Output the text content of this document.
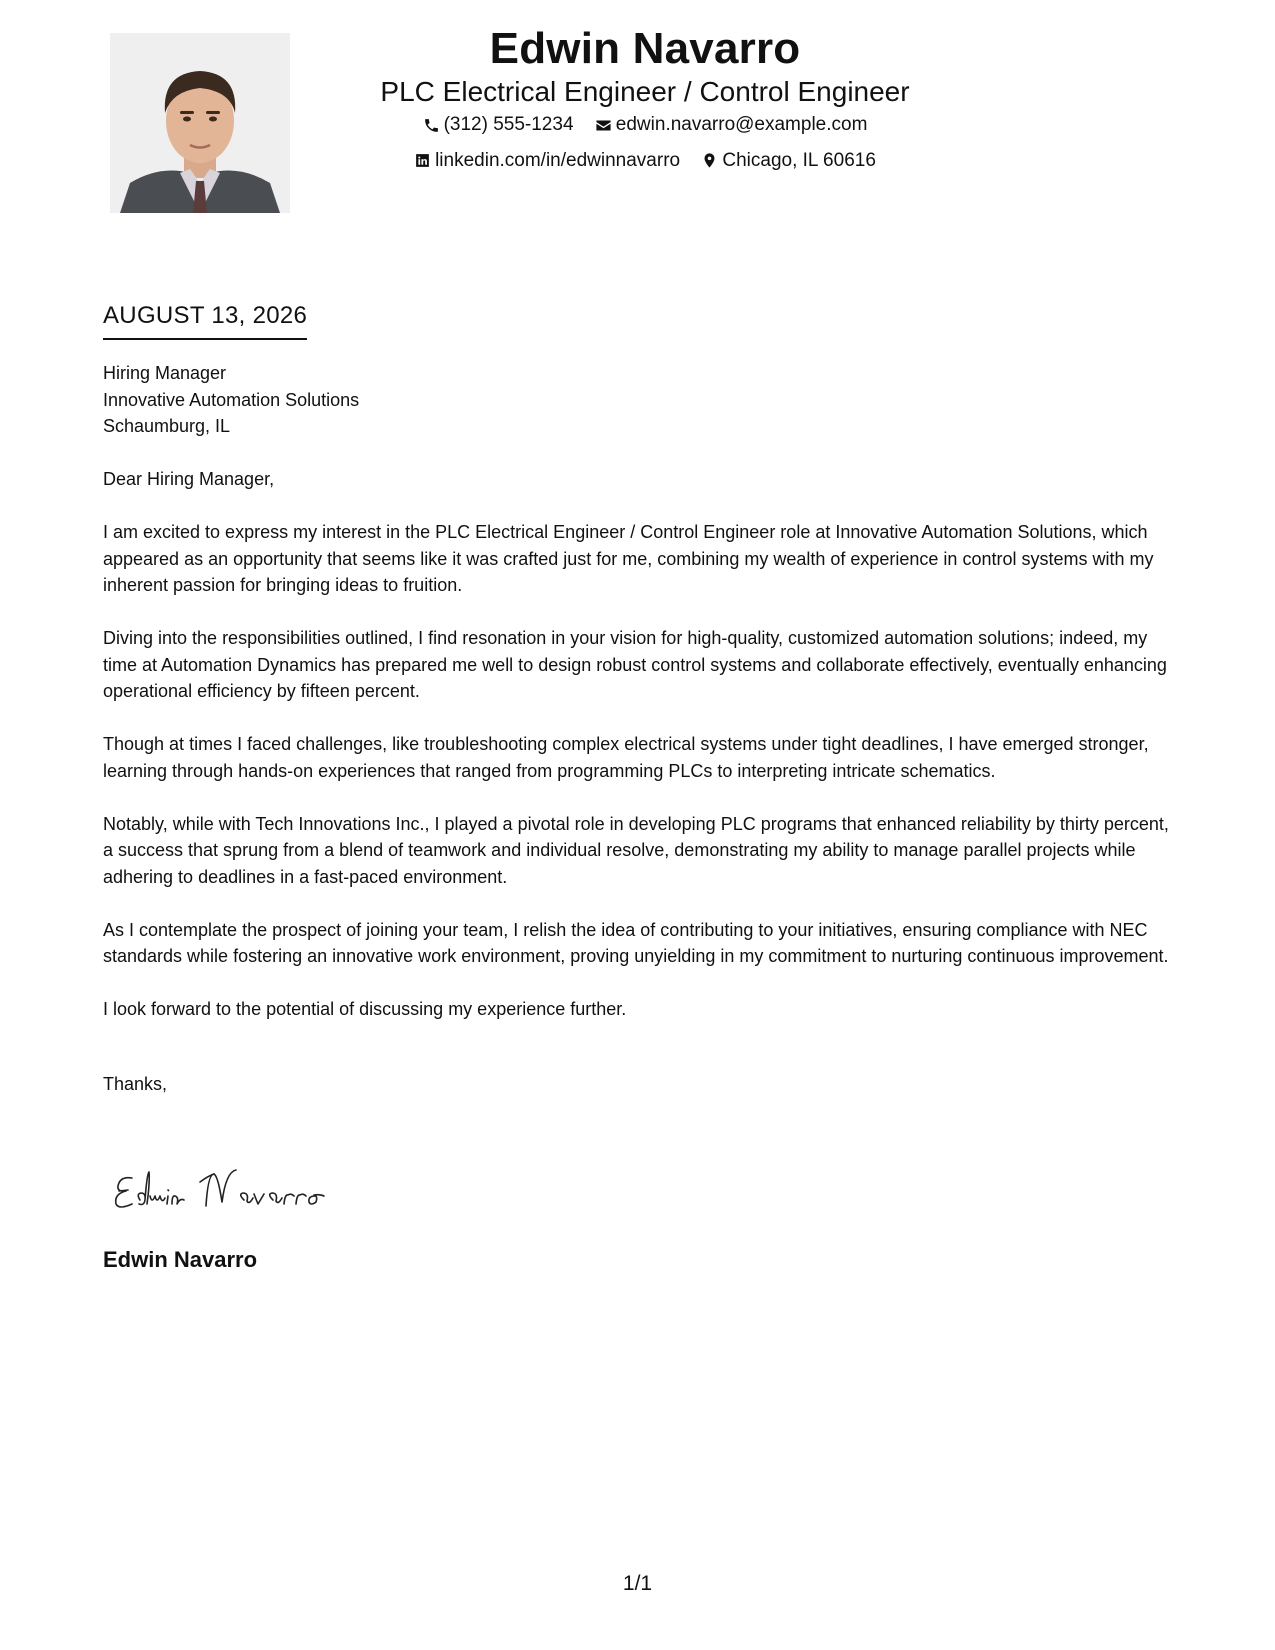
Edwin Navarro
PLC Electrical Engineer / Control Engineer
(312) 555-1234
edwin.navarro@example.com
linkedin.com/in/edwinnavarro
Chicago, IL 60616
AUGUST 13, 2026
Hiring Manager
Innovative Automation Solutions
Schaumburg, IL

Dear Hiring Manager,

I am excited to express my interest in the PLC Electrical Engineer / Control Engineer role at Innovative Automation Solutions, which appeared as an opportunity that seems like it was crafted just for me, combining my wealth of experience in control systems with my inherent passion for bringing ideas to fruition.

Diving into the responsibilities outlined, I find resonation in your vision for high-quality, customized automation solutions; indeed, my time at Automation Dynamics has prepared me well to design robust control systems and collaborate effectively, eventually enhancing operational efficiency by fifteen percent.

Though at times I faced challenges, like troubleshooting complex electrical systems under tight deadlines, I have emerged stronger, learning through hands-on experiences that ranged from programming PLCs to interpreting intricate schematics.

Notably, while with Tech Innovations Inc., I played a pivotal role in developing PLC programs that enhanced reliability by thirty percent, a success that sprung from a blend of teamwork and individual resolve, demonstrating my ability to manage parallel projects while adhering to deadlines in a fast-paced environment.

As I contemplate the prospect of joining your team, I relish the idea of contributing to your initiatives, ensuring compliance with NEC standards while fostering an innovative work environment, proving unyielding in my commitment to nurturing continuous improvement.

I look forward to the potential of discussing my experience further.

Thanks,

Edwin Navarro
1/1
